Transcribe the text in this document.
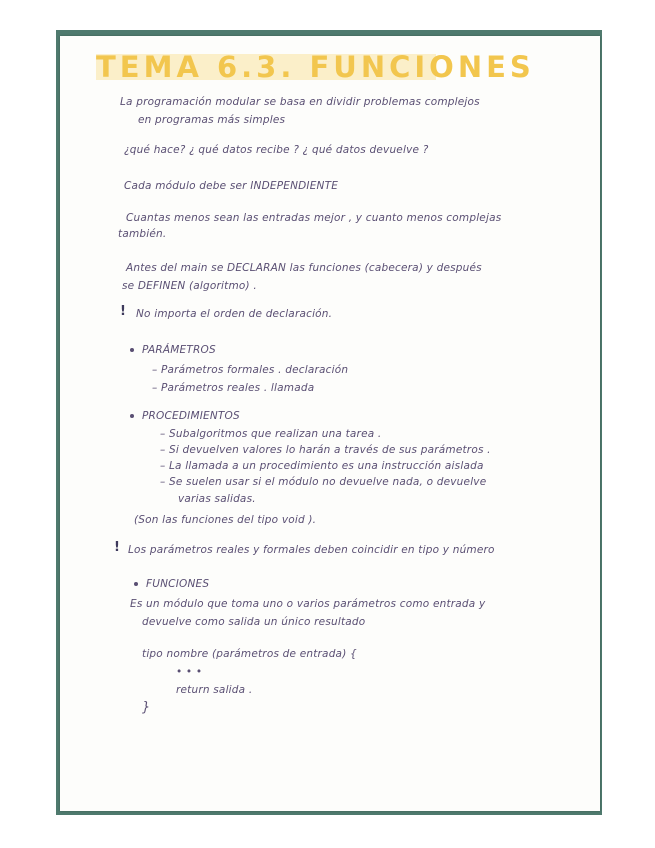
TEMA 6.3. FUNCIONES
La programación modular se basa en dividir problemas complejos
en programas más simples
¿qué hace? ¿ qué datos recibe ? ¿ qué datos devuelve ?
Cada módulo debe ser INDEPENDIENTE
Cuantas menos sean las entradas mejor , y cuanto menos complejas
también.
Antes del main se DECLARAN las funciones (cabecera) y después
se DEFINEN (algoritmo) .
! No importa el orden de declaración.
PARÁMETROS
– Parámetros formales . declaración
– Parámetros reales . llamada
PROCEDIMIENTOS
– Subalgoritmos que realizan una tarea .
– Si devuelven valores lo harán a través de sus parámetros .
– La llamada a un procedimiento es una instrucción aislada
– Se suelen usar si el módulo no devuelve nada, o devuelve
varias salidas.
(Son las funciones del tipo void ).
! Los parámetros reales y formales deben coincidir en tipo y número
FUNCIONES
Es un módulo que toma uno o varios parámetros como entrada y
devuelve como salida un único resultado
tipo nombre (parámetros de entrada) {
• • •
return salida .
}
